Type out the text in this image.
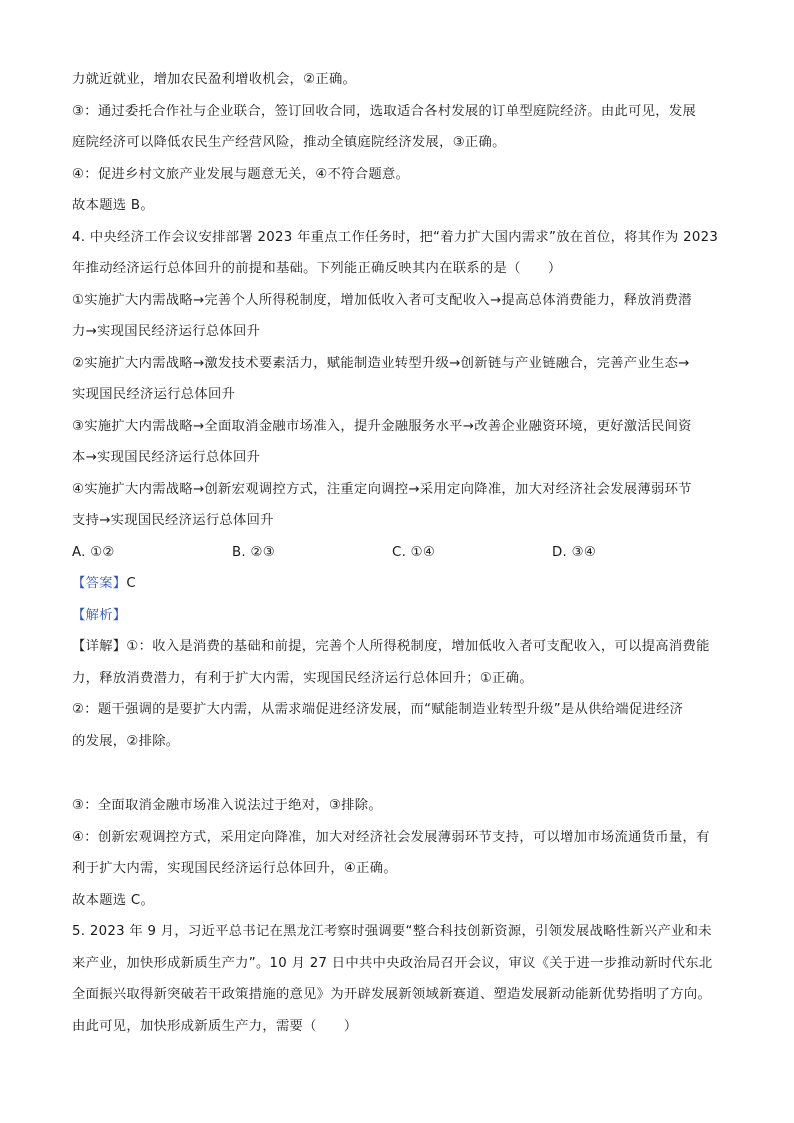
力就近就业，增加农民盈利增收机会，②正确。
③：通过委托合作社与企业联合，签订回收合同，选取适合各村发展的订单型庭院经济。由此可见，发展
庭院经济可以降低农民生产经营风险，推动全镇庭院经济发展，③正确。
④：促进乡村文旅产业发展与题意无关，④不符合题意。
故本题选 B。
4. 中央经济工作会议安排部署 2023 年重点工作任务时，把“着力扩大国内需求”放在首位，将其作为 2023
年推动经济运行总体回升的前提和基础。下列能正确反映其内在联系的是（　　）
①实施扩大内需战略→完善个人所得税制度，增加低收入者可支配收入→提高总体消费能力，释放消费潜
力→实现国民经济运行总体回升
②实施扩大内需战略→激发技术要素活力，赋能制造业转型升级→创新链与产业链融合，完善产业生态→
实现国民经济运行总体回升
③实施扩大内需战略→全面取消金融市场准入，提升金融服务水平→改善企业融资环境，更好激活民间资
本→实现国民经济运行总体回升
④实施扩大内需战略→创新宏观调控方式，注重定向调控→采用定向降准，加大对经济社会发展薄弱环节
支持→实现国民经济运行总体回升
A. ①②	B. ②③	C. ①④	D. ③④
【答案】C
【解析】
【详解】①：收入是消费的基础和前提，完善个人所得税制度，增加低收入者可支配收入，可以提高消费能
力，释放消费潜力，有利于扩大内需，实现国民经济运行总体回升；①正确。
②：题干强调的是要扩大内需，从需求端促进经济发展，而“赋能制造业转型升级”是从供给端促进经济
的发展，②排除。
③：全面取消金融市场准入说法过于绝对，③排除。
④：创新宏观调控方式，采用定向降准，加大对经济社会发展薄弱环节支持，可以增加市场流通货币量，有
利于扩大内需，实现国民经济运行总体回升，④正确。
故本题选 C。
5. 2023 年 9 月，习近平总书记在黑龙江考察时强调要“整合科技创新资源，引领发展战略性新兴产业和未
来产业，加快形成新质生产力”。10 月 27 日中共中央政治局召开会议，审议《关于进一步推动新时代东北
全面振兴取得新突破若干政策措施的意见》为开辟发展新领域新赛道、塑造发展新动能新优势指明了方向。
由此可见，加快形成新质生产力，需要（　　）
